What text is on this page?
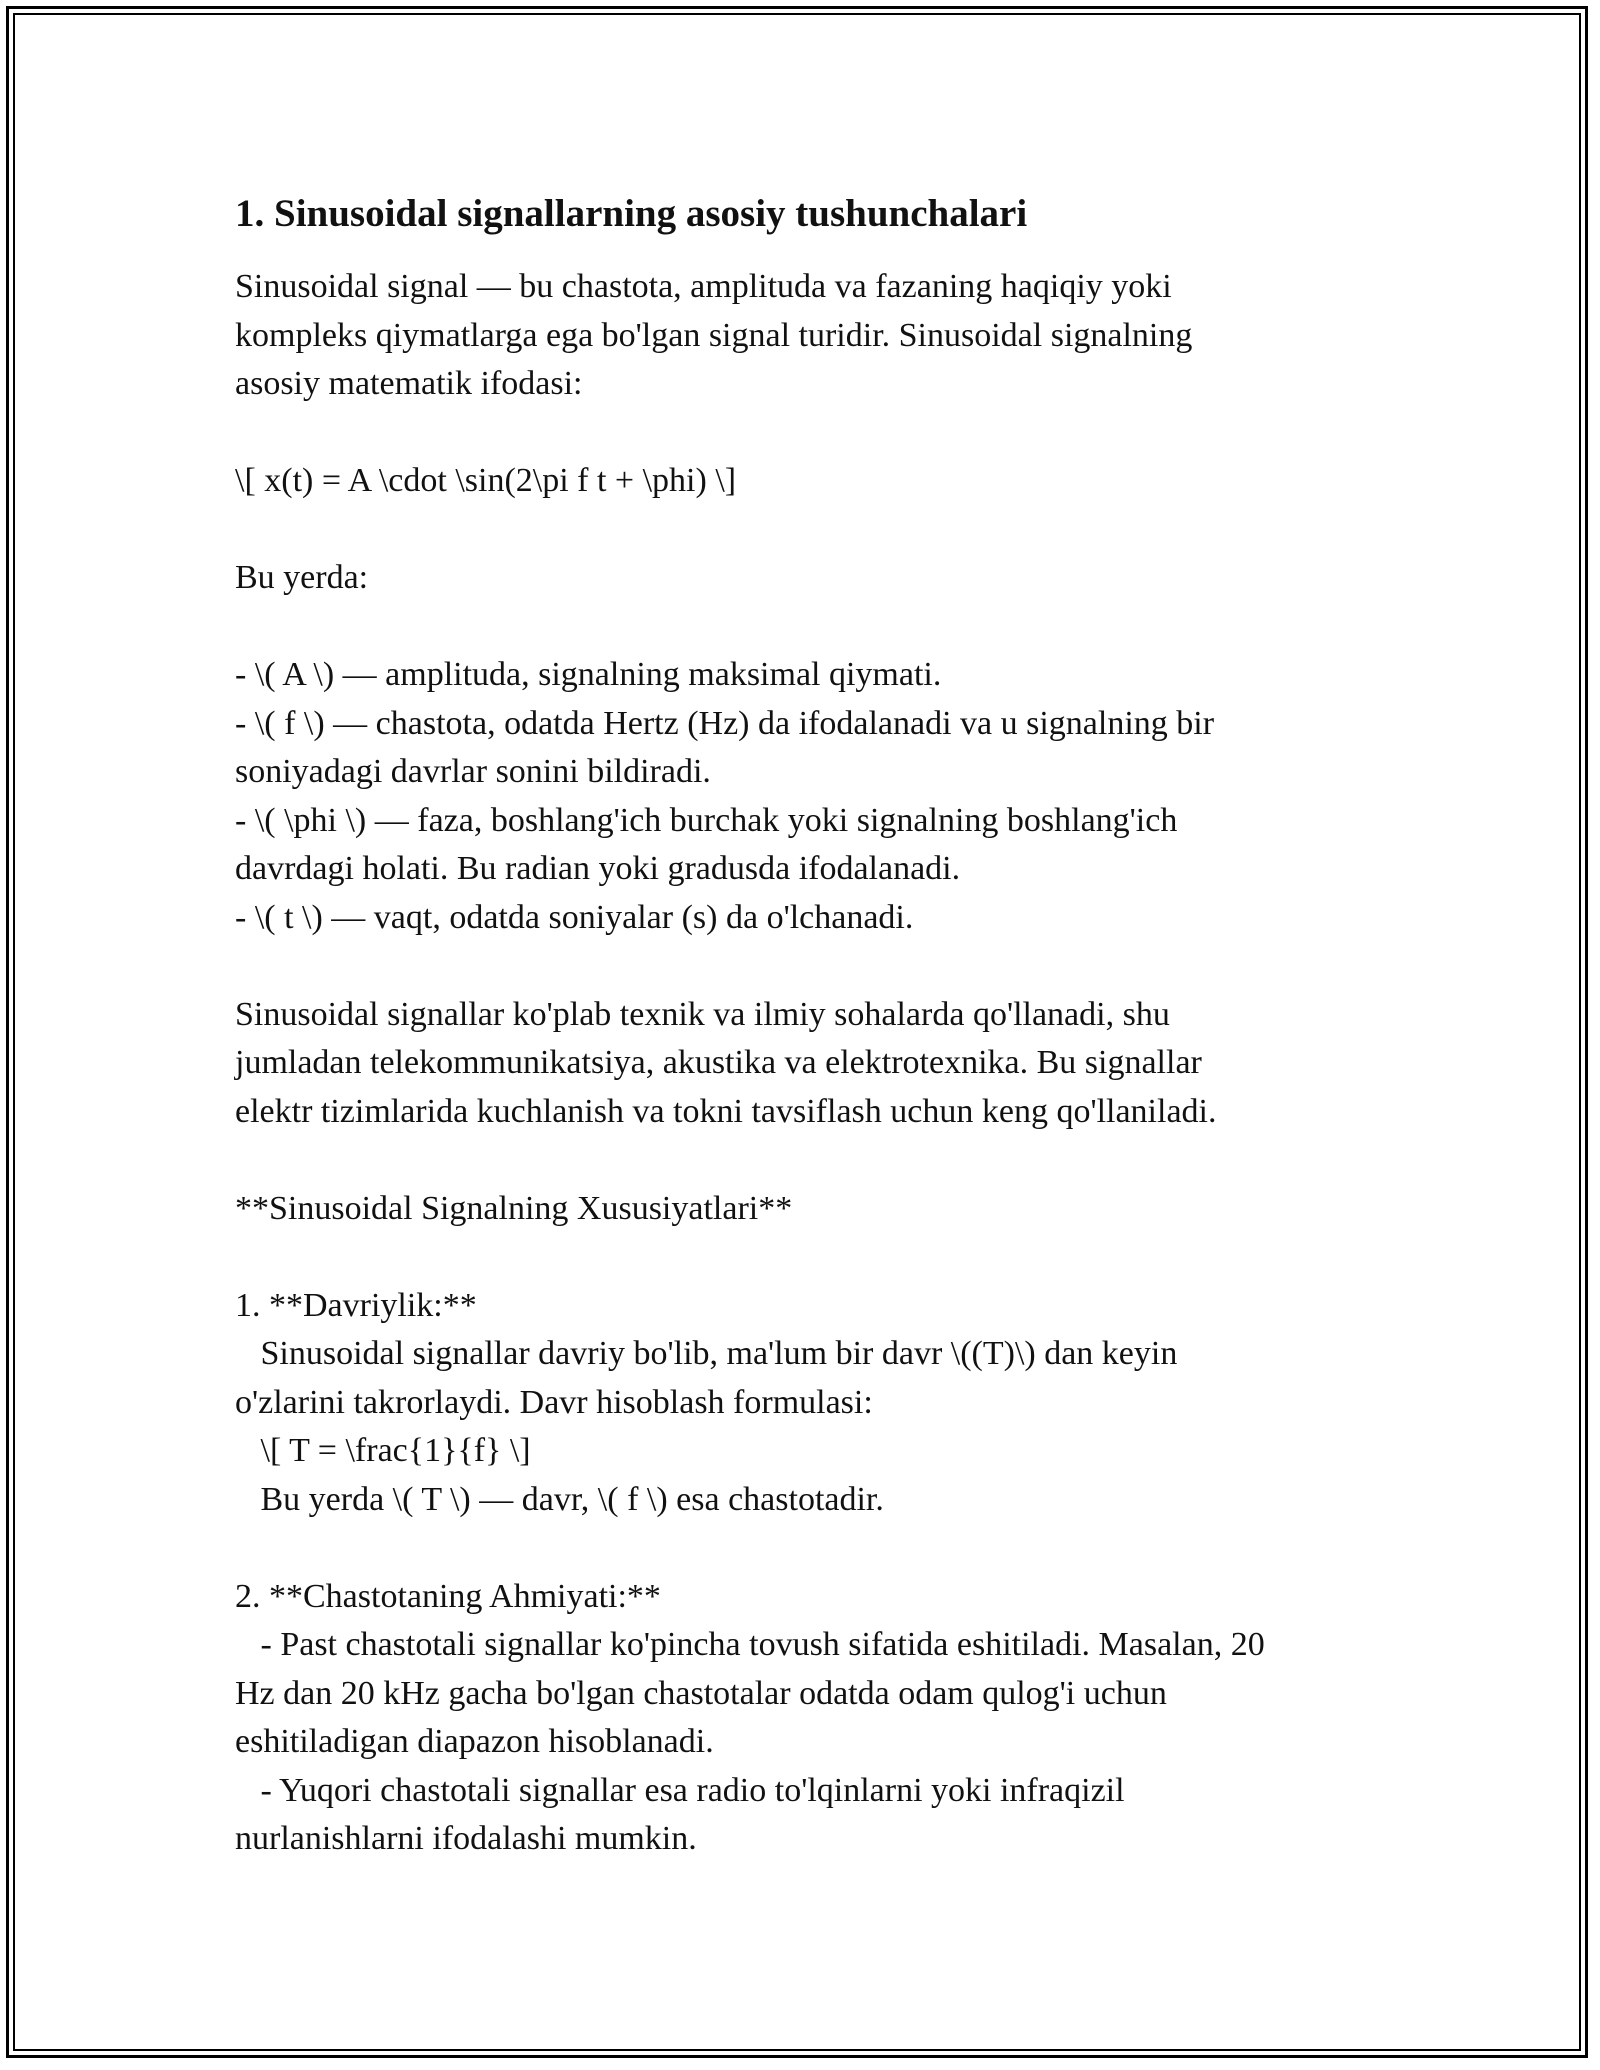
1. Sinusoidal signallarning asosiy tushunchalari

Sinusoidal signal — bu chastota, amplituda va fazaning haqiqiy yoki

kompleks qiymatlarga ega bo'lgan signal turidir. Sinusoidal signalning

asosiy matematik ifodasi:

\[ x(t) = A \cdot \sin(2\pi f t + \phi) \]

Bu yerda:

- \( A \) — amplituda, signalning maksimal qiymati.

- \( f \) — chastota, odatda Hertz (Hz) da ifodalanadi va u signalning bir

soniyadagi davrlar sonini bildiradi.

- \( \phi \) — faza, boshlang'ich burchak yoki signalning boshlang'ich

davrdagi holati. Bu radian yoki gradusda ifodalanadi.

- \( t \) — vaqt, odatda soniyalar (s) da o'lchanadi.

Sinusoidal signallar ko'plab texnik va ilmiy sohalarda qo'llanadi, shu

jumladan telekommunikatsiya, akustika va elektrotexnika. Bu signallar

elektr tizimlarida kuchlanish va tokni tavsiflash uchun keng qo'llaniladi.

**Sinusoidal Signalning Xususiyatlari**

1. **Davriylik:**

Sinusoidal signallar davriy bo'lib, ma'lum bir davr \((T)\) dan keyin

o'zlarini takrorlaydi. Davr hisoblash formulasi:

\[ T = \frac{1}{f} \]

Bu yerda \( T \) — davr, \( f \) esa chastotadir.

2. **Chastotaning Ahmiyati:**

- Past chastotali signallar ko'pincha tovush sifatida eshitiladi. Masalan, 20

Hz dan 20 kHz gacha bo'lgan chastotalar odatda odam qulog'i uchun

eshitiladigan diapazon hisoblanadi.

- Yuqori chastotali signallar esa radio to'lqinlarni yoki infraqizil

nurlanishlarni ifodalashi mumkin.
